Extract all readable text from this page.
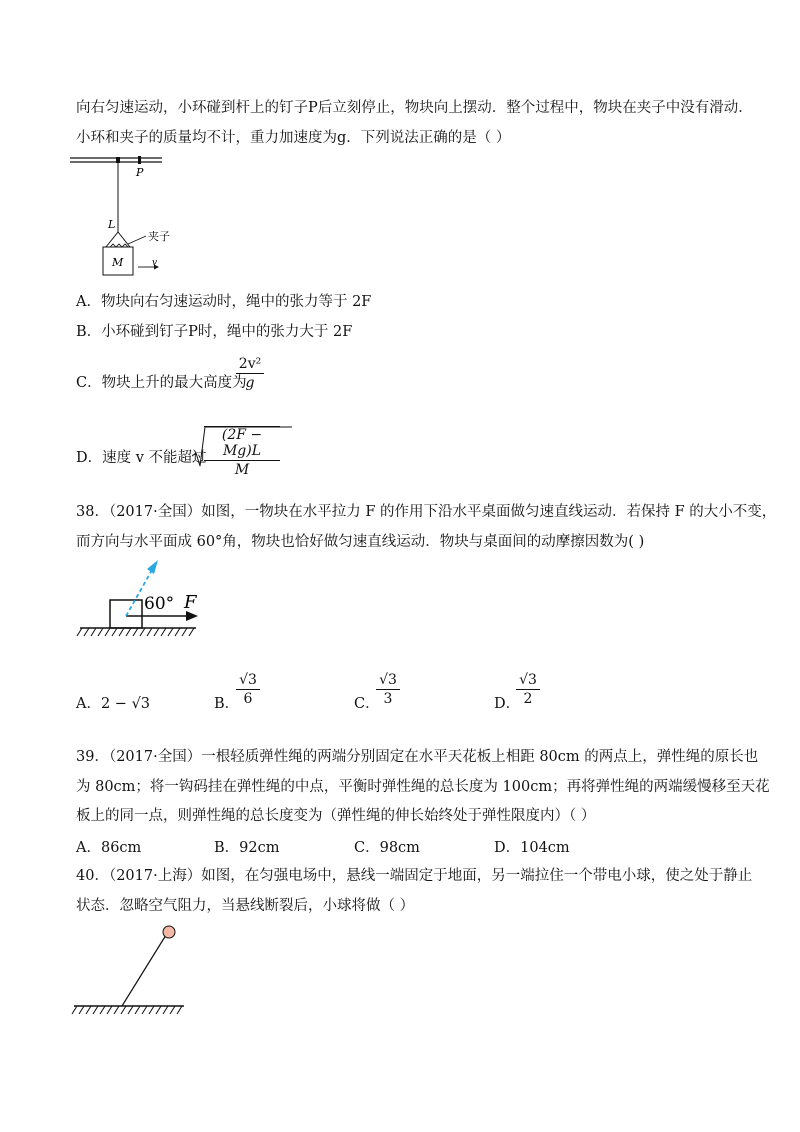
向右匀速运动，小环碰到杆上的钉子P后立刻停止，物块向上摆动．整个过程中，物块在夹子中没有滑动．
小环和夹子的质量均不计，重力加速度为g．下列说法正确的是（ ）
P
L
夹子
M	v
A．物块向右匀速运动时，绳中的张力等于 2F
B．小环碰到钉子P时，绳中的张力大于 2F
C．物块上升的最大高度为
2v²
g
D．速度 v 不能超过
(2F − Mg)L
M
38．（2017·全国）如图，一物块在水平拉力 F 的作用下沿水平桌面做匀速直线运动．若保持 F 的大小不变，
而方向与水平面成 60°角，物块也恰好做匀速直线运动．物块与桌面间的动摩擦因数为( )
60° F
A．2 − √3	B．
√3
6	C．
√3
3	D．
√3
2
39．（2017·全国）一根轻质弹性绳的两端分别固定在水平天花板上相距 80cm 的两点上，弹性绳的原长也
为 80cm；将一钩码挂在弹性绳的中点，平衡时弹性绳的总长度为 100cm；再将弹性绳的两端缓慢移至天花
板上的同一点，则弹性绳的总长度变为（弹性绳的伸长始终处于弹性限度内）（ ）
A．86cm	B．92cm	C．98cm	D．104cm
40．（2017·上海）如图，在匀强电场中，悬线一端固定于地面，另一端拉住一个带电小球，使之处于静止
状态．忽略空气阻力，当悬线断裂后，小球将做（ ）
